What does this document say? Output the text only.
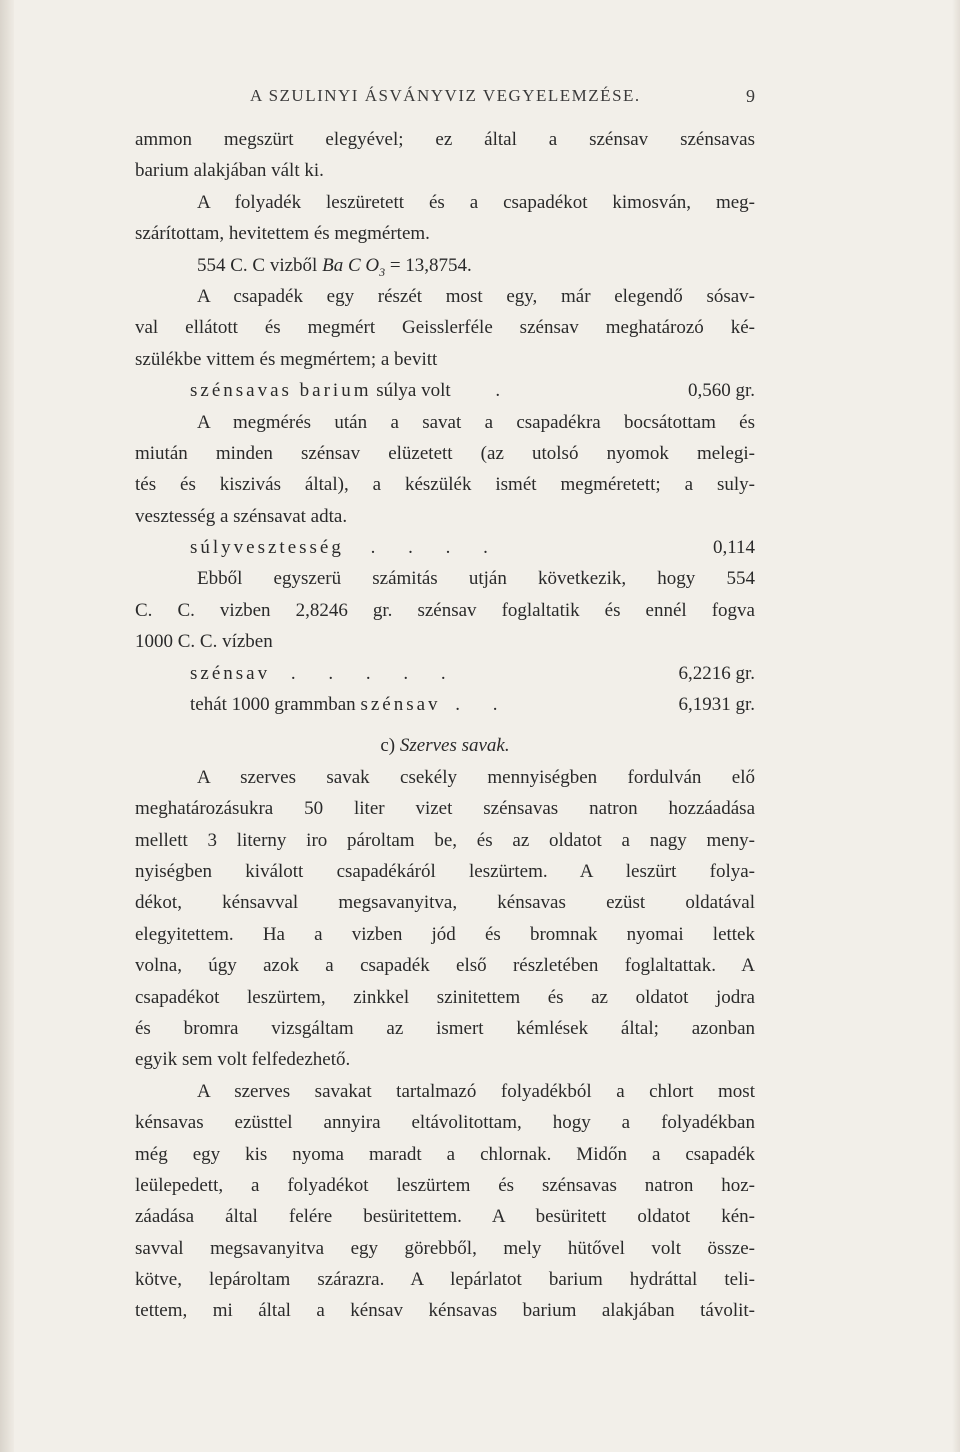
A SZULINYI ÁSVÁNYVIZ VEGYELEMZÉSE.	9
ammon megszürt elegyével; ez által a szénsav szénsavas
barium alakjában vált ki.
A folyadék leszüretett és a csapadékot kimosván, meg-
szárítottam, hevitettem és megmértem.
554 C. C vizből Ba C $O_3 = 13,8754$.
A csapadék egy részét most egy, már elegendő sósav-
val ellátott és megmért Geisslerféle szénsav meghatározó ké-
szülékbe vittem és megmértem; a bevitt
szénsavas barium súlya volt .	0,560 gr.
A megmérés után a savat a csapadékra bocsátottam és
miután minden szénsav elüzetett (az utolsó nyomok melegi-
tés és kiszivás által), a készülék ismét megméretett; a suly-
vesztesség a szénsavat adta.
súlyvesztesség . . . .	0,114
Ebből egyszerü számitás utján következik, hogy 554
C. C. vizben 2,8246 gr. szénsav foglaltatik és ennél fogva
1000 C. C. vízben
szénsav . . . . .	6,2216 gr.
tehát 1000 grammban szénsav . .	6,1931 gr.
c) Szerves savak.
A szerves savak csekély mennyiségben fordulván elő
meghatározásukra 50 liter vizet szénsavas natron hozzáadása
mellett 3 literny iro pároltam be, és az oldatot a nagy meny-
nyiségben kiválott csapadékáról leszürtem. A leszürt folya-
dékot, kénsavval megsavanyitva, kénsavas ezüst oldatával
elegyitettem. Ha a vizben jód és bromnak nyomai lettek
volna, úgy azok a csapadék első részletében foglaltattak. A
csapadékot leszürtem, zinkkel szinitettem és az oldatot jodra
és bromra vizsgáltam az ismert kémlések által; azonban
egyik sem volt felfedezhető.
A szerves savakat tartalmazó folyadékból a chlort most
kénsavas ezüsttel annyira eltávolitottam, hogy a folyadékban
még egy kis nyoma maradt a chlornak. Midőn a csapadék
leülepedett, a folyadékot leszürtem és szénsavas natron hoz-
záadása által felére besüritettem. A besüritett oldatot kén-
savval megsavanyitva egy görebből, mely hütővel volt össze-
kötve, lepároltam szárazra. A lepárlatot barium hydráttal teli-
tettem, mi által a kénsav kénsavas barium alakjában távolit-
